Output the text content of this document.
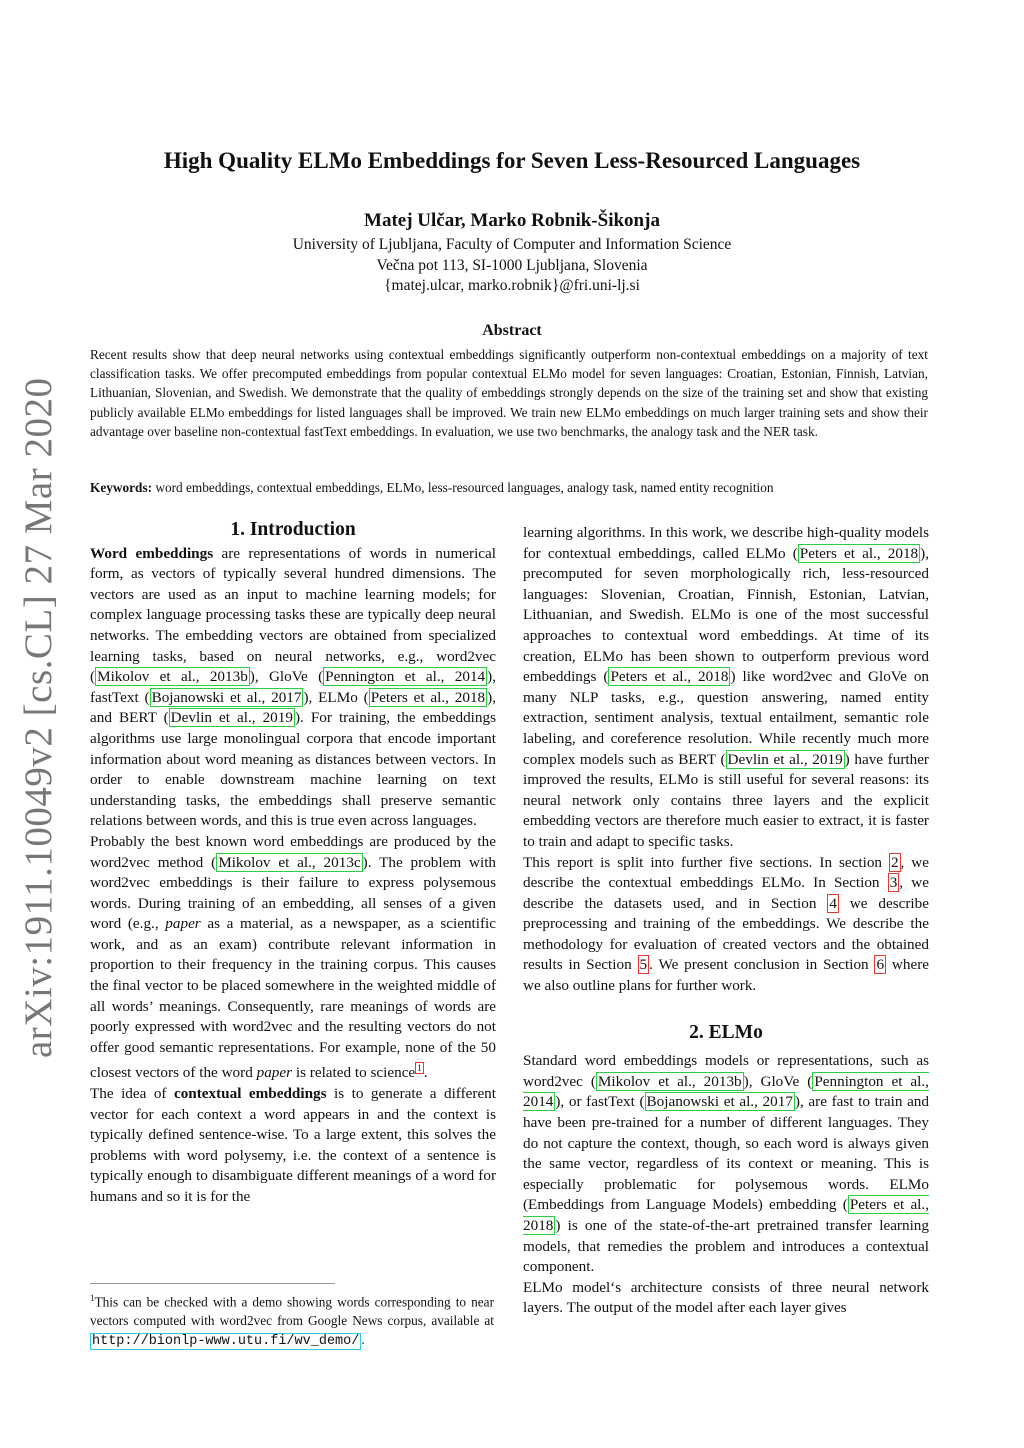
arXiv:1911.10049v2 [cs.CL] 27 Mar 2020
High Quality ELMo Embeddings for Seven Less-Resourced Languages
Matej Ulčar, Marko Robnik-Šikonja
University of Ljubljana, Faculty of Computer and Information Science
Večna pot 113, SI-1000 Ljubljana, Slovenia
{matej.ulcar, marko.robnik}@fri.uni-lj.si
Abstract
Recent results show that deep neural networks using contextual embeddings significantly outperform non-contextual embeddings on a majority of text classification tasks. We offer precomputed embeddings from popular contextual ELMo model for seven languages: Croatian, Estonian, Finnish, Latvian, Lithuanian, Slovenian, and Swedish. We demonstrate that the quality of embeddings strongly depends on the size of the training set and show that existing publicly available ELMo embeddings for listed languages shall be improved. We train new ELMo embeddings on much larger training sets and show their advantage over baseline non-contextual fastText embeddings. In evaluation, we use two benchmarks, the analogy task and the NER task.
Keywords: word embeddings, contextual embeddings, ELMo, less-resourced languages, analogy task, named entity recognition
1. Introduction

Word embeddings are representations of words in numerical form, as vectors of typically several hundred dimensions. The vectors are used as an input to machine learning models; for complex language processing tasks these are typically deep neural networks. The embedding vectors are obtained from specialized learning tasks, based on neural networks, e.g., word2vec ( Mikolov et al., 2013b ), GloVe ( Pennington et al., 2014 ), fastText ( Bojanowski et al., 2017 ), ELMo ( Peters et al., 2018 ), and BERT ( Devlin et al., 2019 ). For training, the embeddings algorithms use large monolingual corpora that encode important information about word meaning as distances between vectors. In order to enable downstream machine learning on text understanding tasks, the embeddings shall preserve semantic relations between words, and this is true even across languages.

Probably the best known word embeddings are produced by the word2vec method ( Mikolov et al., 2013c ). The problem with word2vec embeddings is their failure to express polysemous words. During training of an embedding, all senses of a given word (e.g., paper as a material, as a newspaper, as a scientific work, and as an exam) contribute relevant information in proportion to their frequency in the training corpus. This causes the final vector to be placed somewhere in the weighted middle of all words’ meanings. Consequently, rare meanings of words are poorly expressed with word2vec and the resulting vectors do not offer good semantic representations. For example, none of the 50 closest vectors of the word paper is related to science $^1$ .

The idea of contextual embeddings is to generate a different vector for each context a word appears in and the context is typically defined sentence-wise. To a large extent, this solves the problems with word polysemy, i.e. the context of a sentence is typically enough to disambiguate different meanings of a word for humans and so it is for the

$^1$This can be checked with a demo showing words corresponding to near vectors computed with word2vec from Google News corpus, available at http://bionlp-www.utu.fi/wv_demo/ .

learning algorithms. In this work, we describe high-quality models for contextual embeddings, called ELMo ( Peters et al., 2018 ), precomputed for seven morphologically rich, less-resourced languages: Slovenian, Croatian, Finnish, Estonian, Latvian, Lithuanian, and Swedish. ELMo is one of the most successful approaches to contextual word embeddings. At time of its creation, ELMo has been shown to outperform previous word embeddings ( Peters et al., 2018 ) like word2vec and GloVe on many NLP tasks, e.g., question answering, named entity extraction, sentiment analysis, textual entailment, semantic role labeling, and coreference resolution. While recently much more complex models such as BERT ( Devlin et al., 2019 ) have further improved the results, ELMo is still useful for several reasons: its neural network only contains three layers and the explicit embedding vectors are therefore much easier to extract, it is faster to train and adapt to specific tasks.

This report is split into further five sections. In section 2 , we describe the contextual embeddings ELMo. In Section 3 , we describe the datasets used, and in Section 4 we describe preprocessing and training of the embeddings. We describe the methodology for evaluation of created vectors and the obtained results in Section 5 . We present conclusion in Section 6 where we also outline plans for further work.

2. ELMo

Standard word embeddings models or representations, such as word2vec ( Mikolov et al., 2013b ), GloVe ( Pennington et al., 2014 ), or fastText ( Bojanowski et al., 2017 ), are fast to train and have been pre-trained for a number of different languages. They do not capture the context, though, so each word is always given the same vector, regardless of its context or meaning. This is especially problematic for polysemous words. ELMo (Embeddings from Language Models) embedding ( Peters et al., 2018 ) is one of the state-of-the-art pretrained transfer learning models, that remedies the problem and introduces a contextual component.

ELMo model‘s architecture consists of three neural network layers. The output of the model after each layer gives
